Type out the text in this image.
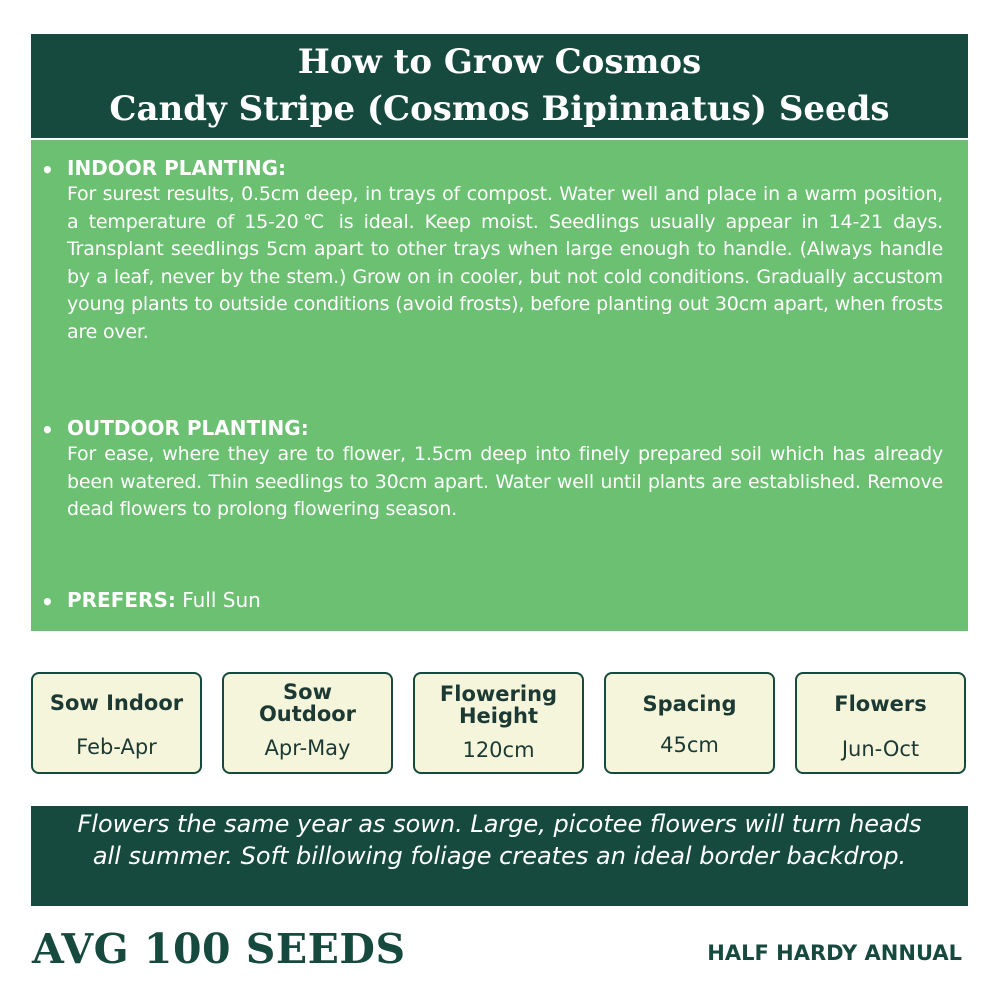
How to Grow Cosmos
Candy Stripe (Cosmos Bipinnatus) Seeds
• INDOOR PLANTING:
For surest results, 0.5cm deep, in trays of compost. Water well and place in a warm position, a temperature of 15-20℃ is ideal. Keep moist. Seedlings usually appear in 14-21 days. Transplant seedlings 5cm apart to other trays when large enough to handle. (Always handle by a leaf, never by the stem.) Grow on in cooler, but not cold conditions. Gradually accustom young plants to outside conditions (avoid frosts), before planting out 30cm apart, when frosts are over.
• OUTDOOR PLANTING:
For ease, where they are to flower, 1.5cm deep into finely prepared soil which has already been watered. Thin seedlings to 30cm apart. Water well until plants are established. Remove dead flowers to prolong flowering season.
• PREFERS: Full Sun
Sow Indoor
Feb-Apr
Sow
Outdoor
Apr-May
Flowering
Height
120cm
Spacing
45cm
Flowers
Jun-Oct
Flowers the same year as sown. Large, picotee flowers will turn heads all summer. Soft billowing foliage creates an ideal border backdrop.
AVG 100 SEEDS	HALF HARDY ANNUAL
